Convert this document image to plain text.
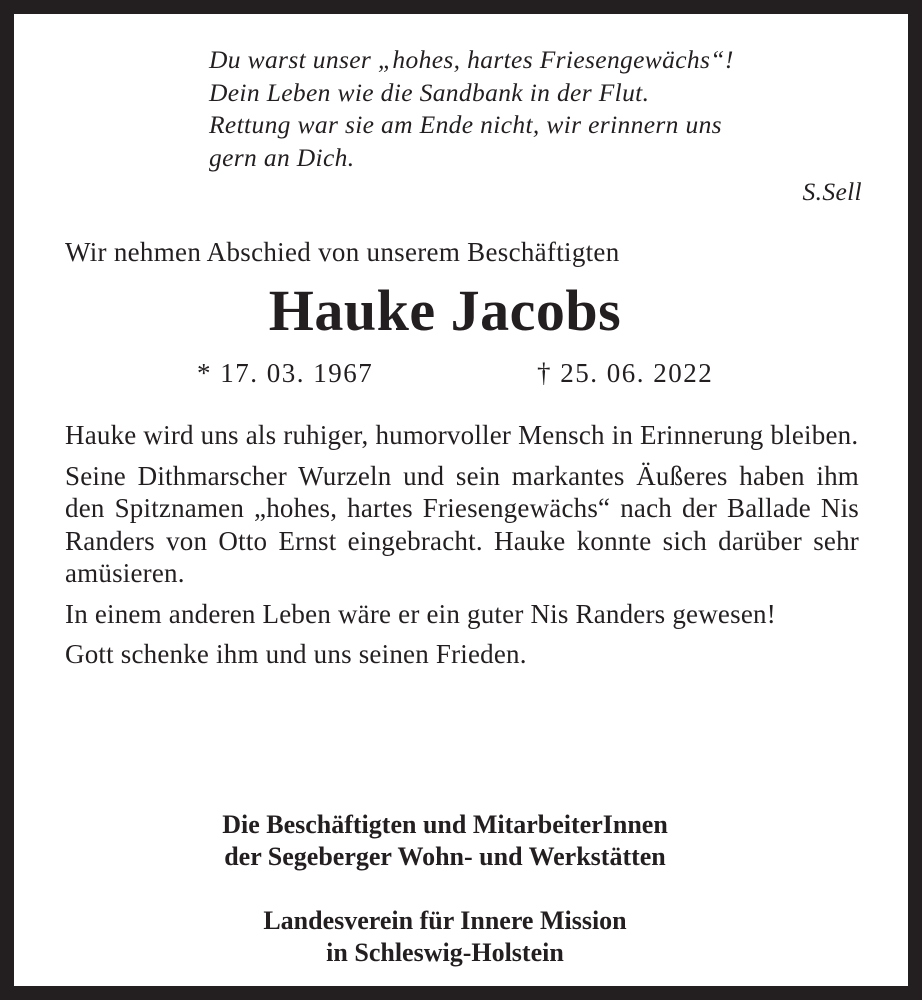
Du warst unser „hohes, hartes Friesengewächs“!
Dein Leben wie die Sandbank in der Flut.
Rettung war sie am Ende nicht, wir erinnern uns
gern an Dich.
S.Sell
Wir nehmen Abschied von unserem Beschäftigten
Hauke Jacobs
* 17. 03. 1967	† 25. 06. 2022

Hauke wird uns als ruhiger, humorvoller Mensch in Erinnerung bleiben.

Seine Dithmarscher Wurzeln und sein markantes Äußeres haben ihm den Spitznamen „hohes, hartes Friesengewächs“ nach der Ballade Nis Randers von Otto Ernst eingebracht. Hauke konnte sich darüber sehr amüsieren.

In einem anderen Leben wäre er ein guter Nis Randers gewesen!

Gott schenke ihm und uns seinen Frieden.

Die Beschäftigten und MitarbeiterInnen
der Segeberger Wohn- und Werkstätten
Landesverein für Innere Mission
in Schleswig-Holstein
